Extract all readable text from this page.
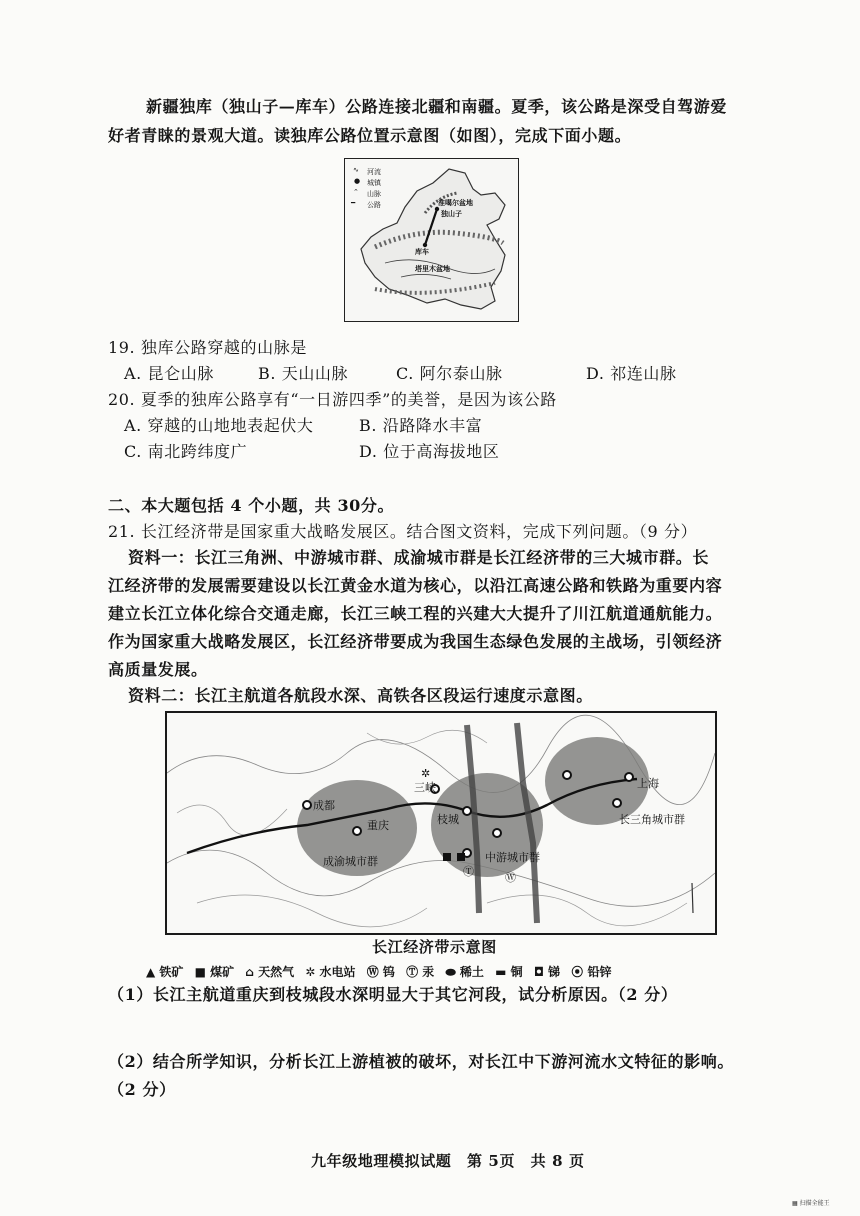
新疆独库（独山子—库车）公路连接北疆和南疆。夏季，该公路是深受自驾游爱
好者青睐的景观大道。读独库公路位置示意图（如图），完成下面小题。
河流
城镇
山脉
公路
∿
●
⌃
━	准噶尔盆地
独山子
库车
塔里木盆地
19. 独库公路穿越的山脉是
A. 昆仑山脉	B. 天山山脉	C. 阿尔泰山脉	D. 祁连山脉
20. 夏季的独库公路享有“一日游四季”的美誉，是因为该公路
A. 穿越的山地地表起伏大	B. 沿路降水丰富
C. 南北跨纬度广	D. 位于高海拔地区
二、本大题包括 4 个小题，共 30分。
21. 长江经济带是国家重大战略发展区。结合图文资料，完成下列问题。（9 分）
资料一：长江三角洲、中游城市群、成渝城市群是长江经济带的三大城市群。长
江经济带的发展需要建设以长江黄金水道为核心，以沿江高速公路和铁路为重要内容
建立长江立体化综合交通走廊，长江三峡工程的兴建大大提升了川江航道通航能力。
作为国家重大战略发展区，长江经济带要成为我国生态绿色发展的主战场，引领经济
高质量发展。
资料二：长江主航道各航段水深、高铁各区段运行速度示意图。
成都
重庆
成渝城市群
三峡
枝城
中游城市群
上海
长三角城市群
✲
Ⓣ	Ⓦ
长江经济带示意图
▲ 铁矿 ■ 煤矿 ⌂ 天然气 ✲ 水电站 Ⓦ 钨 Ⓣ 汞 ⬬ 稀土 ▬ 铜 ◘ 锑 ⦿ 铅锌
（1）长江主航道重庆到枝城段水深明显大于其它河段，试分析原因。（2 分）
（2）结合所学知识，分析长江上游植被的破坏，对长江中下游河流水文特征的影响。
（2 分）
九年级地理模拟试题　第 5页　共 8 页
▦ 扫描全能王
